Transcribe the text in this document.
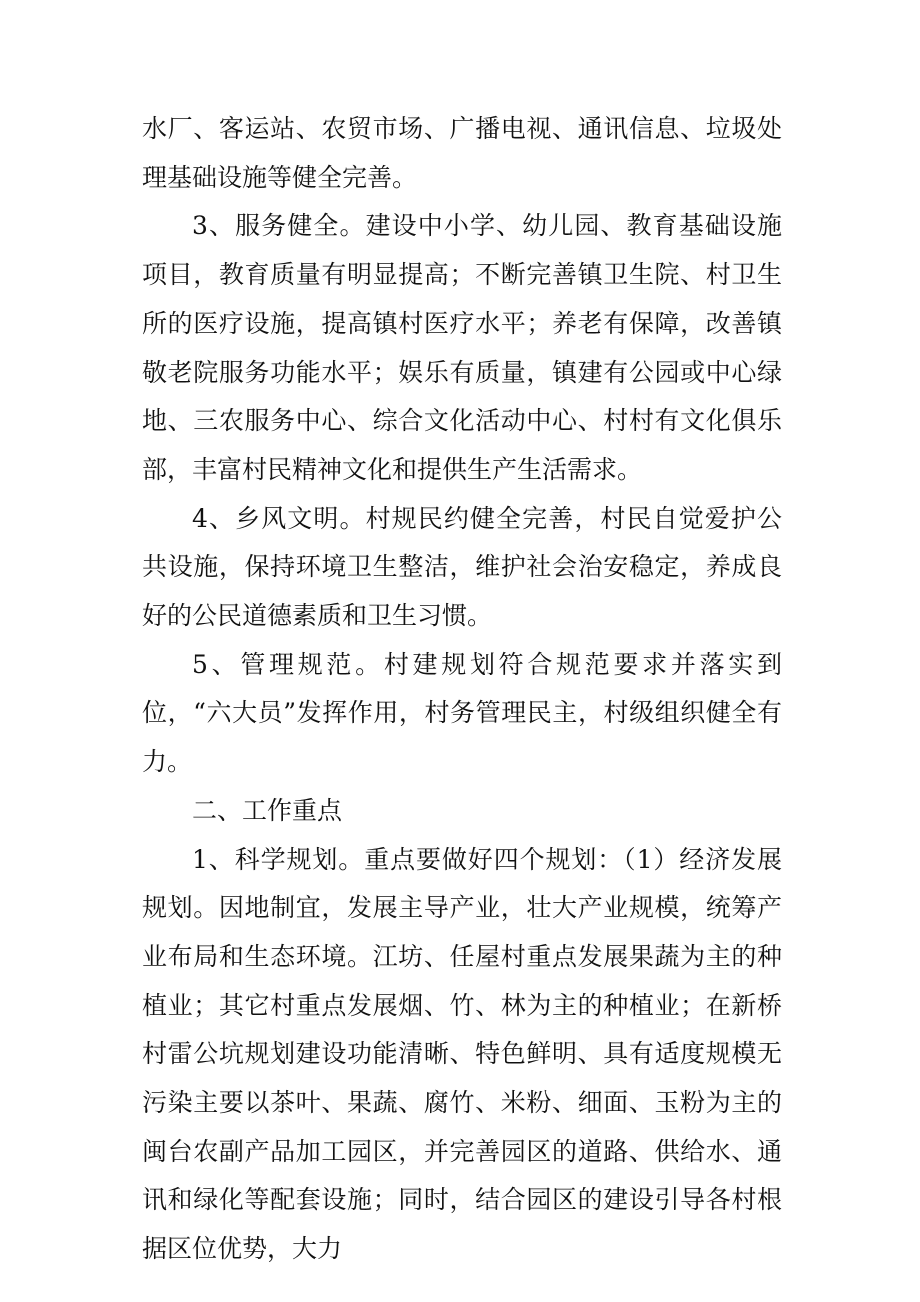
水厂、客运站、农贸市场、广播电视、通讯信息、垃圾处理基础设施等健全完善。

3、服务健全。建设中小学、幼儿园、教育基础设施项目，教育质量有明显提高；不断完善镇卫生院、村卫生所的医疗设施，提高镇村医疗水平；养老有保障，改善镇敬老院服务功能水平；娱乐有质量，镇建有公园或中心绿地、三农服务中心、综合文化活动中心、村村有文化俱乐部，丰富村民精神文化和提供生产生活需求。

4、乡风文明。村规民约健全完善，村民自觉爱护公共设施，保持环境卫生整洁，维护社会治安稳定，养成良好的公民道德素质和卫生习惯。

5、管理规范。村建规划符合规范要求并落实到位，“六大员”发挥作用，村务管理民主，村级组织健全有力。

二、工作重点

1、科学规划。重点要做好四个规划：（1）经济发展规划。因地制宜，发展主导产业，壮大产业规模，统筹产业布局和生态环境。江坊、任屋村重点发展果蔬为主的种植业；其它村重点发展烟、竹、林为主的种植业；在新桥村雷公坑规划建设功能清晰、特色鲜明、具有适度规模无污染主要以茶叶、果蔬、腐竹、米粉、细面、玉粉为主的闽台农副产品加工园区，并完善园区的道路、供给水、通讯和绿化等配套设施；同时，结合园区的建设引导各村根据区位优势，大力
